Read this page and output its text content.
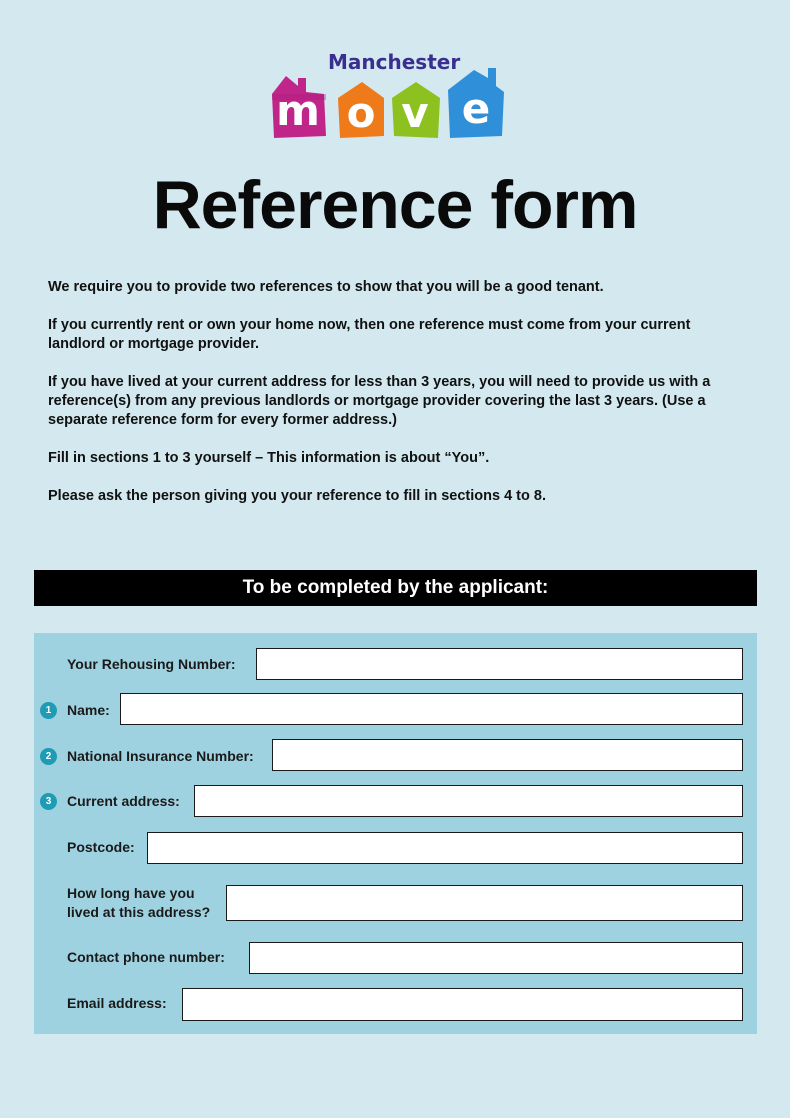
Manchester
m o v e
Reference form

We require you to provide two references to show that you will be a good tenant.

If you currently rent or own your home now, then one reference must come from your current landlord or mortgage provider.

If you have lived at your current address for less than 3 years, you will need to provide us with a reference(s) from any previous landlords or mortgage provider covering the last 3 years. (Use a separate reference form for every former address.)

Fill in sections 1 to 3 yourself – This information is about “You”.

Please ask the person giving you your reference to fill in sections 4 to 8.

To be completed by the applicant:
Your Rehousing Number:
1	Name:
2	National Insurance Number:
3	Current address:
Postcode:
How long have you
lived at this address?
Contact phone number:
Email address:
